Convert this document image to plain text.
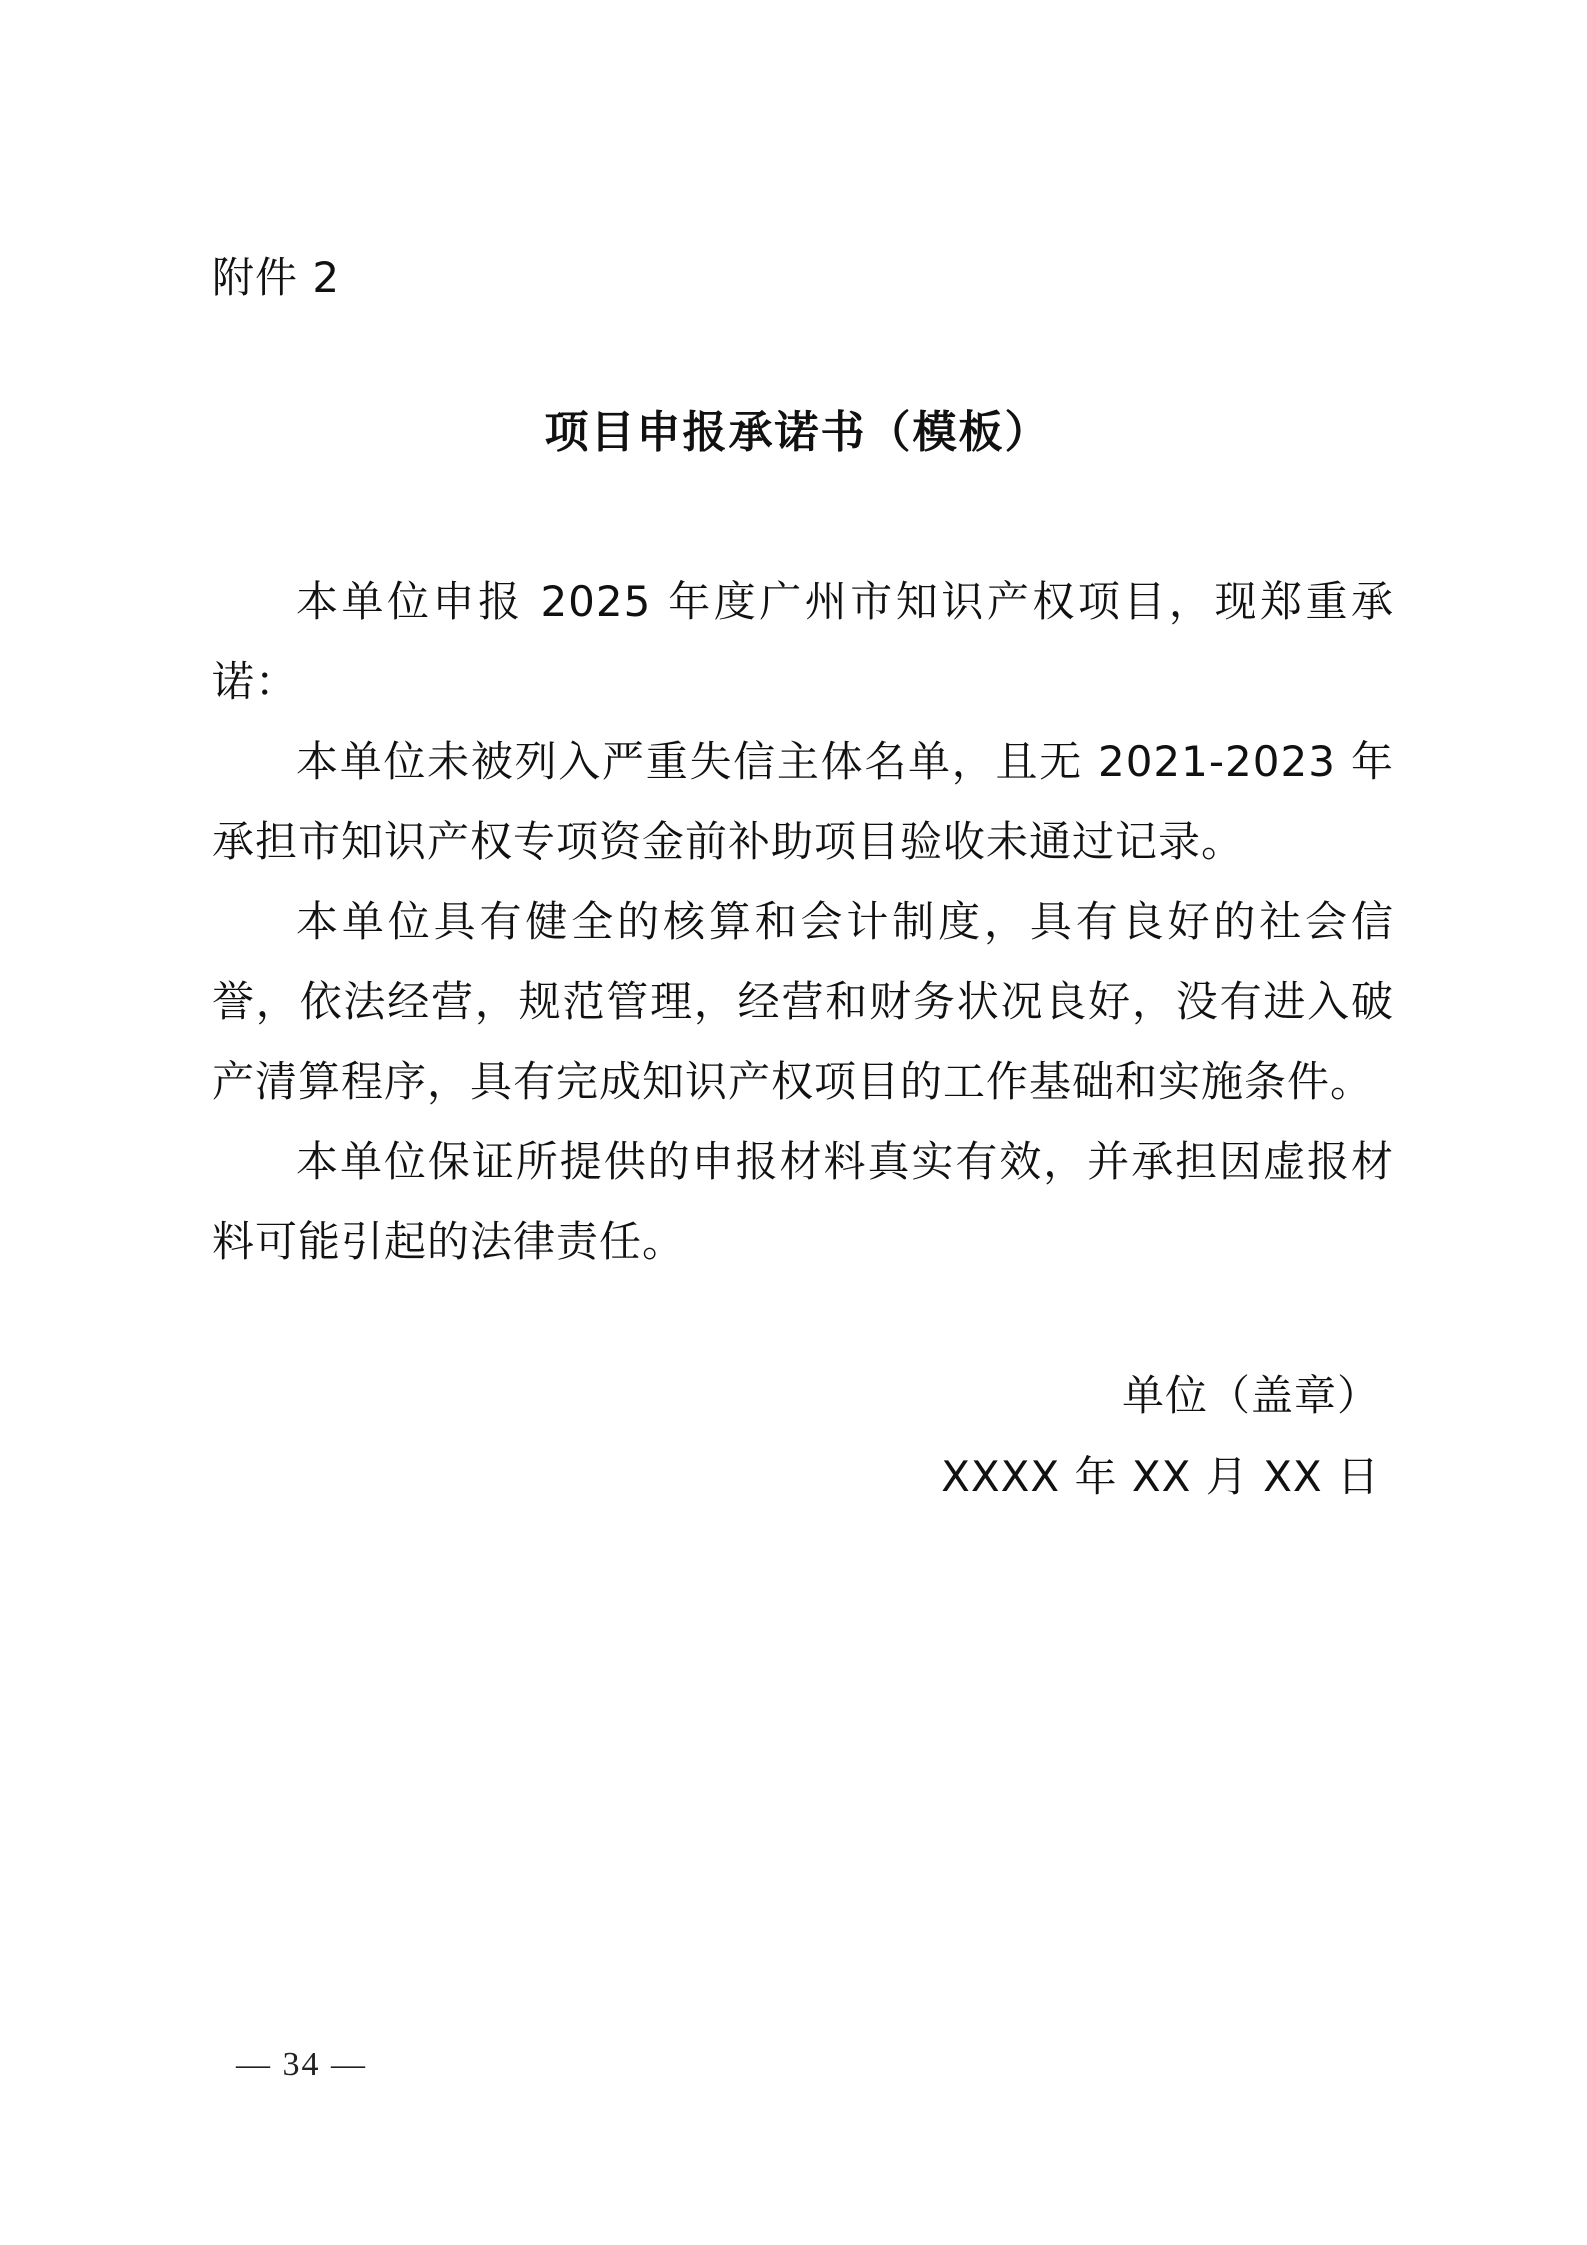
附件 2
项目申报承诺书（模板）

本单位申报 2025 年度广州市知识产权项目，现郑重承诺：

本单位未被列入严重失信主体名单，且无 2021-2023 年承担市知识产权专项资金前补助项目验收未通过记录。

本单位具有健全的核算和会计制度，具有良好的社会信誉，依法经营，规范管理，经营和财务状况良好，没有进入破产清算程序，具有完成知识产权项目的工作基础和实施条件。

本单位保证所提供的申报材料真实有效，并承担因虚报材料可能引起的法律责任。

单位（盖章）
XXXX 年 XX 月 XX 日
— 34 —
